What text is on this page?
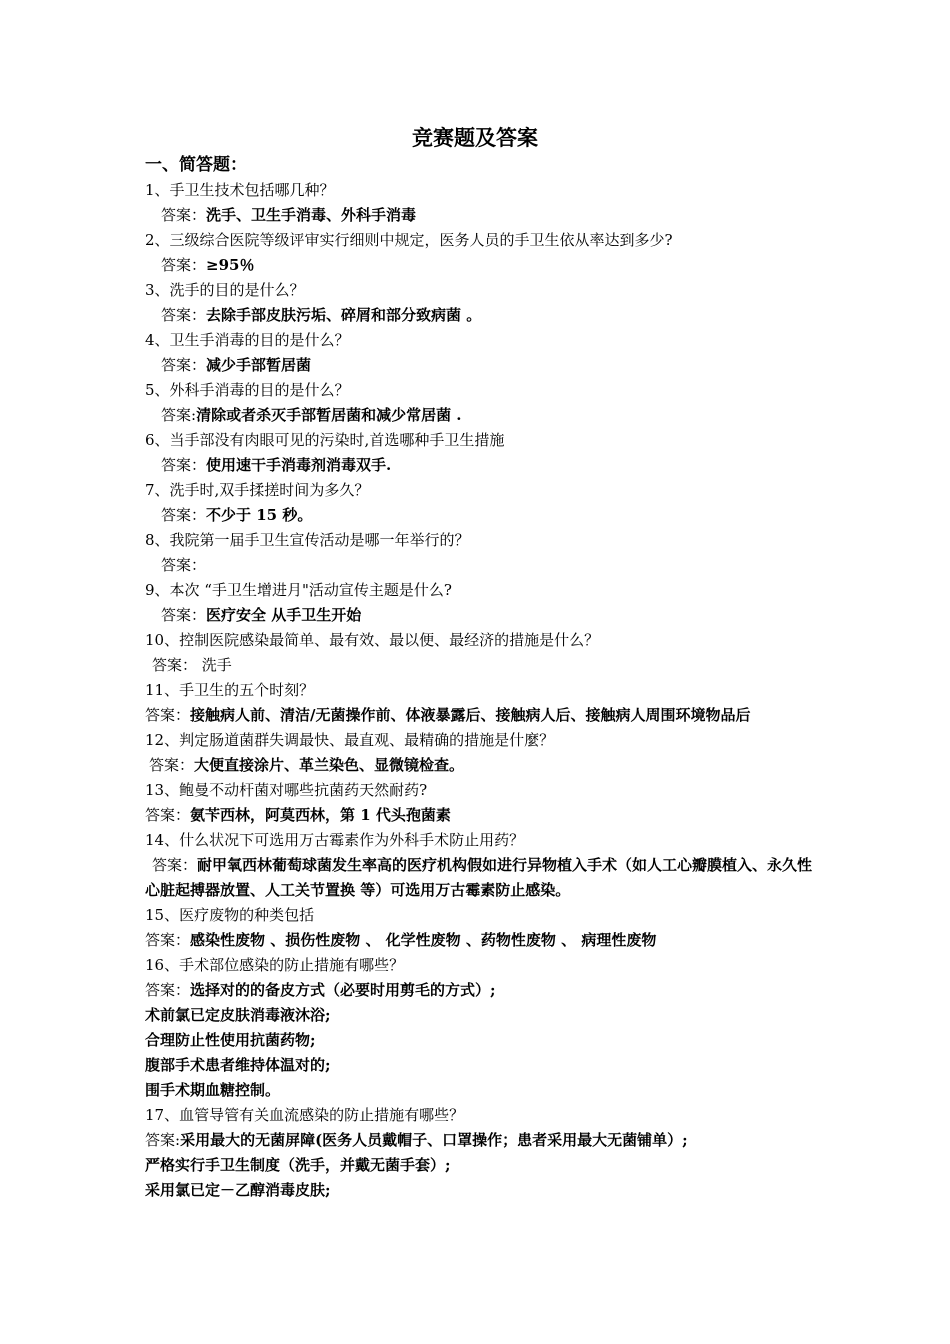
竞赛题及答案
一、简答题：
1、手卫生技术包括哪几种？
答案：洗手、卫生手消毒、外科手消毒
2、三级综合医院等级评审实行细则中规定，医务人员的手卫生依从率达到多少?
答案：≥95％
3、洗手的目的是什么？
答案：去除手部皮肤污垢、碎屑和部分致病菌 。
4、卫生手消毒的目的是什么？
答案：减少手部暂居菌
5、外科手消毒的目的是什么？
答案:清除或者杀灭手部暂居菌和减少常居菌 .
6、当手部没有肉眼可见的污染时,首选哪种手卫生措施
答案：使用速干手消毒剂消毒双手.
7、洗手时,双手揉搓时间为多久？
答案：不少于 15 秒。
8、我院第一届手卫生宣传活动是哪一年举行的？
答案：
9、本次 “手卫生增进月"活动宣传主题是什么?
答案：医疗安全 从手卫生开始
10、控制医院感染最简单、最有效、最以便、最经济的措施是什么？
答案： 洗手
11、手卫生的五个时刻？
答案：接触病人前、清洁/无菌操作前、体液暴露后、接触病人后、接触病人周围环境物品后
12、判定肠道菌群失调最快、最直观、最精确的措施是什麼？
答案：大便直接涂片、革兰染色、显微镜检查。
13、鲍曼不动杆菌对哪些抗菌药天然耐药?
答案：氨苄西林，阿莫西林，第 1 代头孢菌素
14、什么状况下可选用万古霉素作为外科手术防止用药？
答案：耐甲氧西林葡萄球菌发生率高的医疗机构假如进行异物植入手术（如人工心瓣膜植入、永久性心脏起搏器放置、人工关节置换 等）可选用万古霉素防止感染。
15、医疗废物的种类包括
答案：感染性废物 、损伤性废物 、 化学性废物 、药物性废物 、 病理性废物
16、手术部位感染的防止措施有哪些？
答案：选择对的的备皮方式（必要时用剪毛的方式）;
术前氯已定皮肤消毒液沐浴;
合理防止性使用抗菌药物;
腹部手术患者维持体温对的;
围手术期血糖控制。
17、血管导管有关血流感染的防止措施有哪些？
答案:采用最大的无菌屏障(医务人员戴帽子、口罩操作；患者采用最大无菌铺单）;
严格实行手卫生制度（洗手，并戴无菌手套）;
采用氯已定－乙醇消毒皮肤;
